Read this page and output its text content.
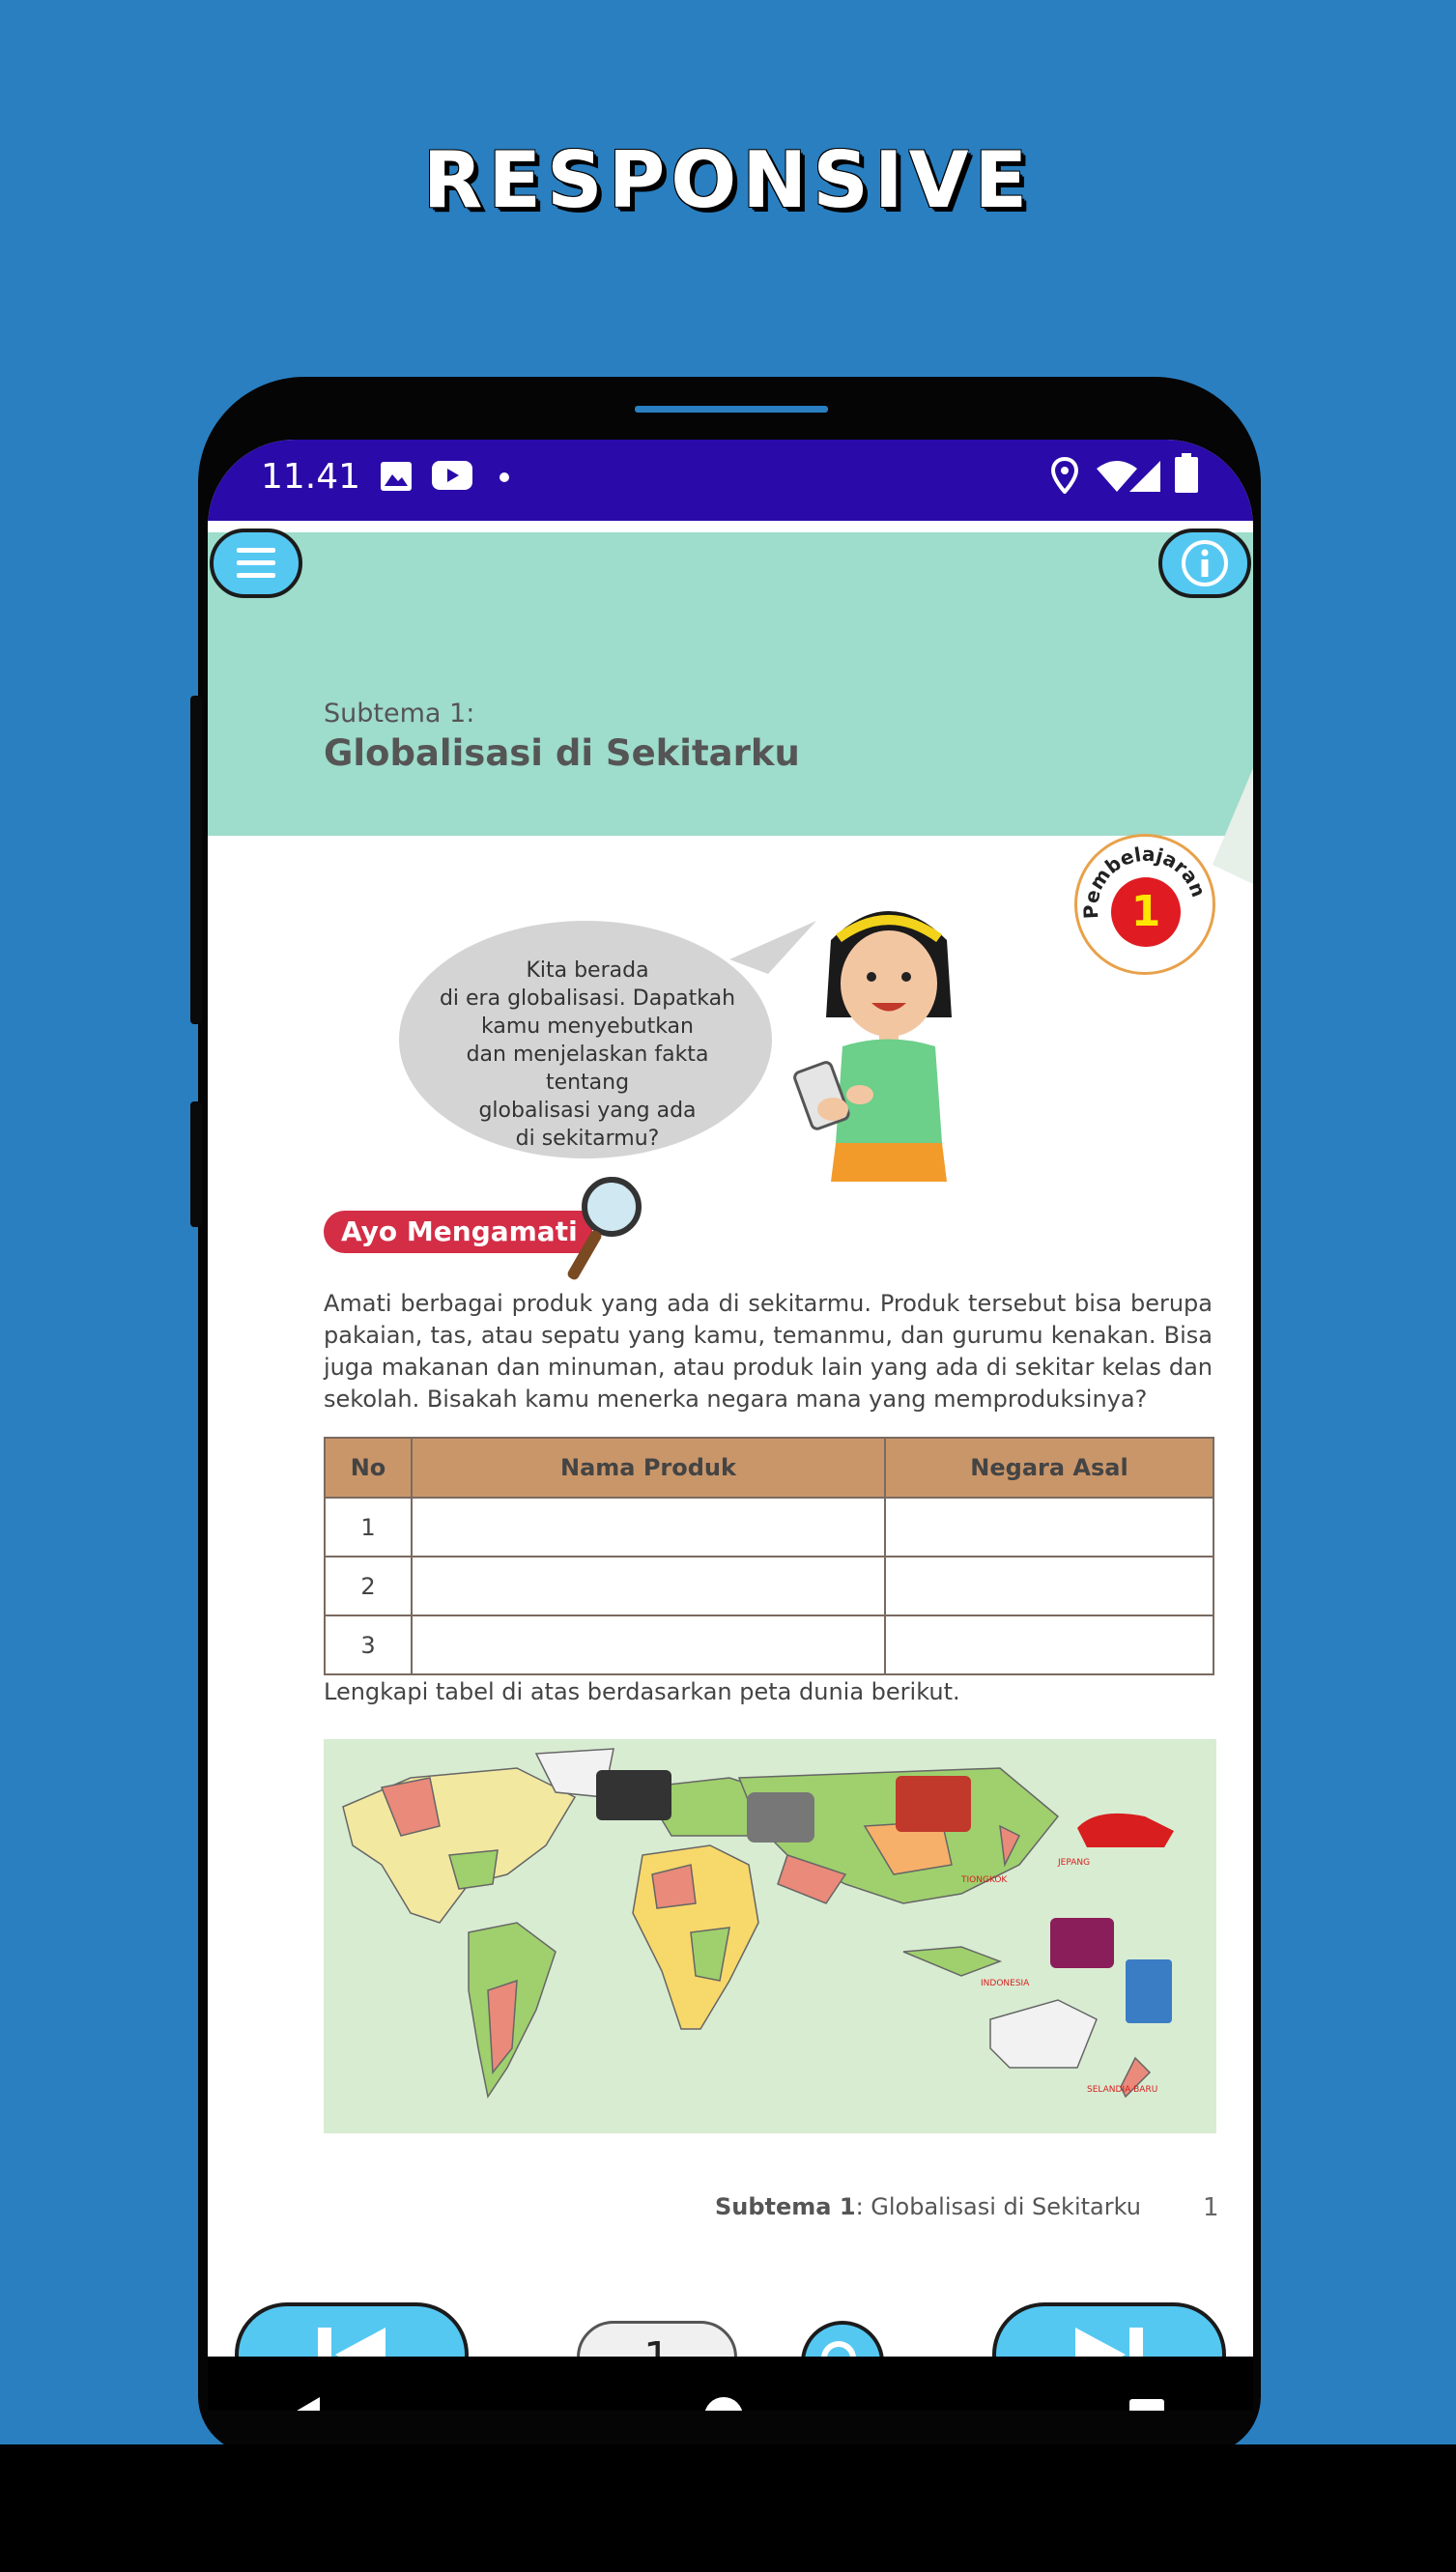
RESPONSIVE
11.41
Subtema 1:
Globalisasi di Sekitarku
Pembelajaran
1
Kita berada
di era globalisasi. Dapatkah
kamu menyebutkan
dan menjelaskan fakta tentang
globalisasi yang ada
di sekitarmu?
Ayo Mengamati
Amati berbagai produk yang ada di sekitarmu. Produk tersebut bisa berupa pakaian, tas, atau sepatu yang kamu, temanmu, dan gurumu kenakan. Bisa juga makanan dan minuman, atau produk lain yang ada di sekitar kelas dan sekolah. Bisakah kamu menerka negara mana yang memproduksinya?
No	Nama Produk	Negara Asal
1		
2		
3		
Lengkapi tabel di atas berdasarkan peta dunia berikut.
TIONGKOK
JEPANG
INDONESIA
SELANDIA BARU
Subtema 1: Globalisasi di Sekitarku 1
1
